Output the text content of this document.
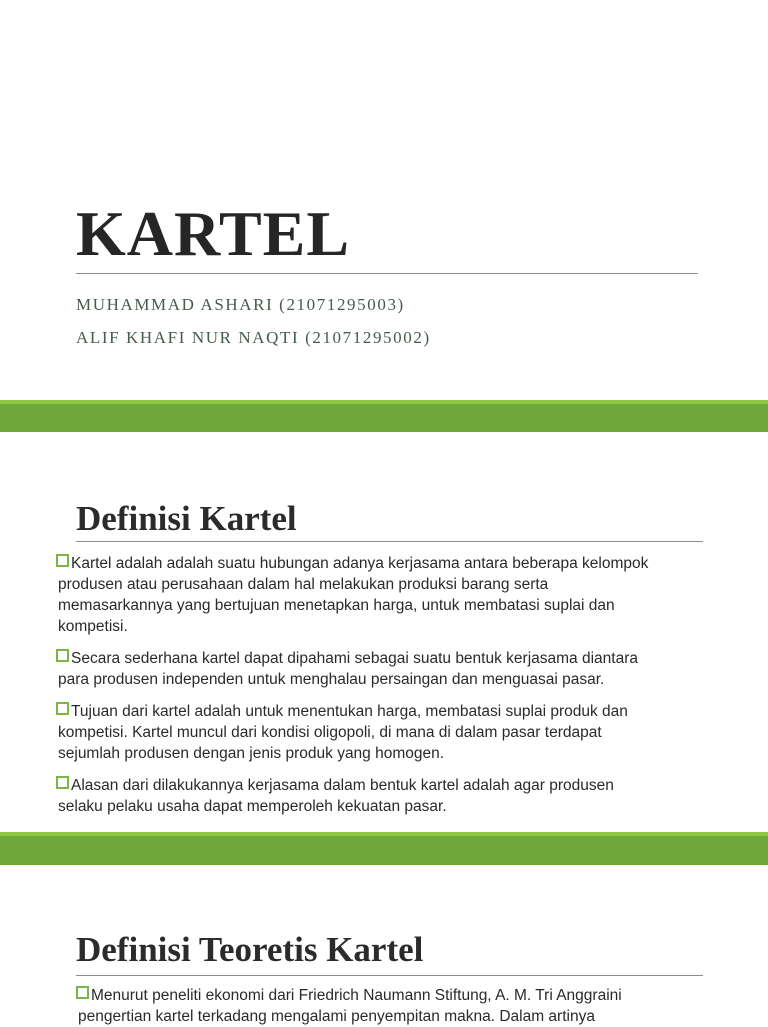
KARTEL
MUHAMMAD ASHARI (21071295003)
ALIF KHAFI NUR NAQTI (21071295002)
Definisi Kartel
Kartel adalah adalah suatu hubungan adanya kerjasama antara beberapa kelompok
produsen atau perusahaan dalam hal melakukan produksi barang serta
memasarkannya yang bertujuan menetapkan harga, untuk membatasi suplai dan
kompetisi.
Secara sederhana kartel dapat dipahami sebagai suatu bentuk kerjasama diantara
para produsen independen untuk menghalau persaingan dan menguasai pasar.
Tujuan dari kartel adalah untuk menentukan harga, membatasi suplai produk dan
kompetisi. Kartel muncul dari kondisi oligopoli, di mana di dalam pasar terdapat
sejumlah produsen dengan jenis produk yang homogen.
Alasan dari dilakukannya kerjasama dalam bentuk kartel adalah agar produsen
selaku pelaku usaha dapat memperoleh kekuatan pasar.
Definisi Teoretis Kartel
Menurut peneliti ekonomi dari Friedrich Naumann Stiftung, A. M. Tri Anggraini
pengertian kartel terkadang mengalami penyempitan makna. Dalam artinya
